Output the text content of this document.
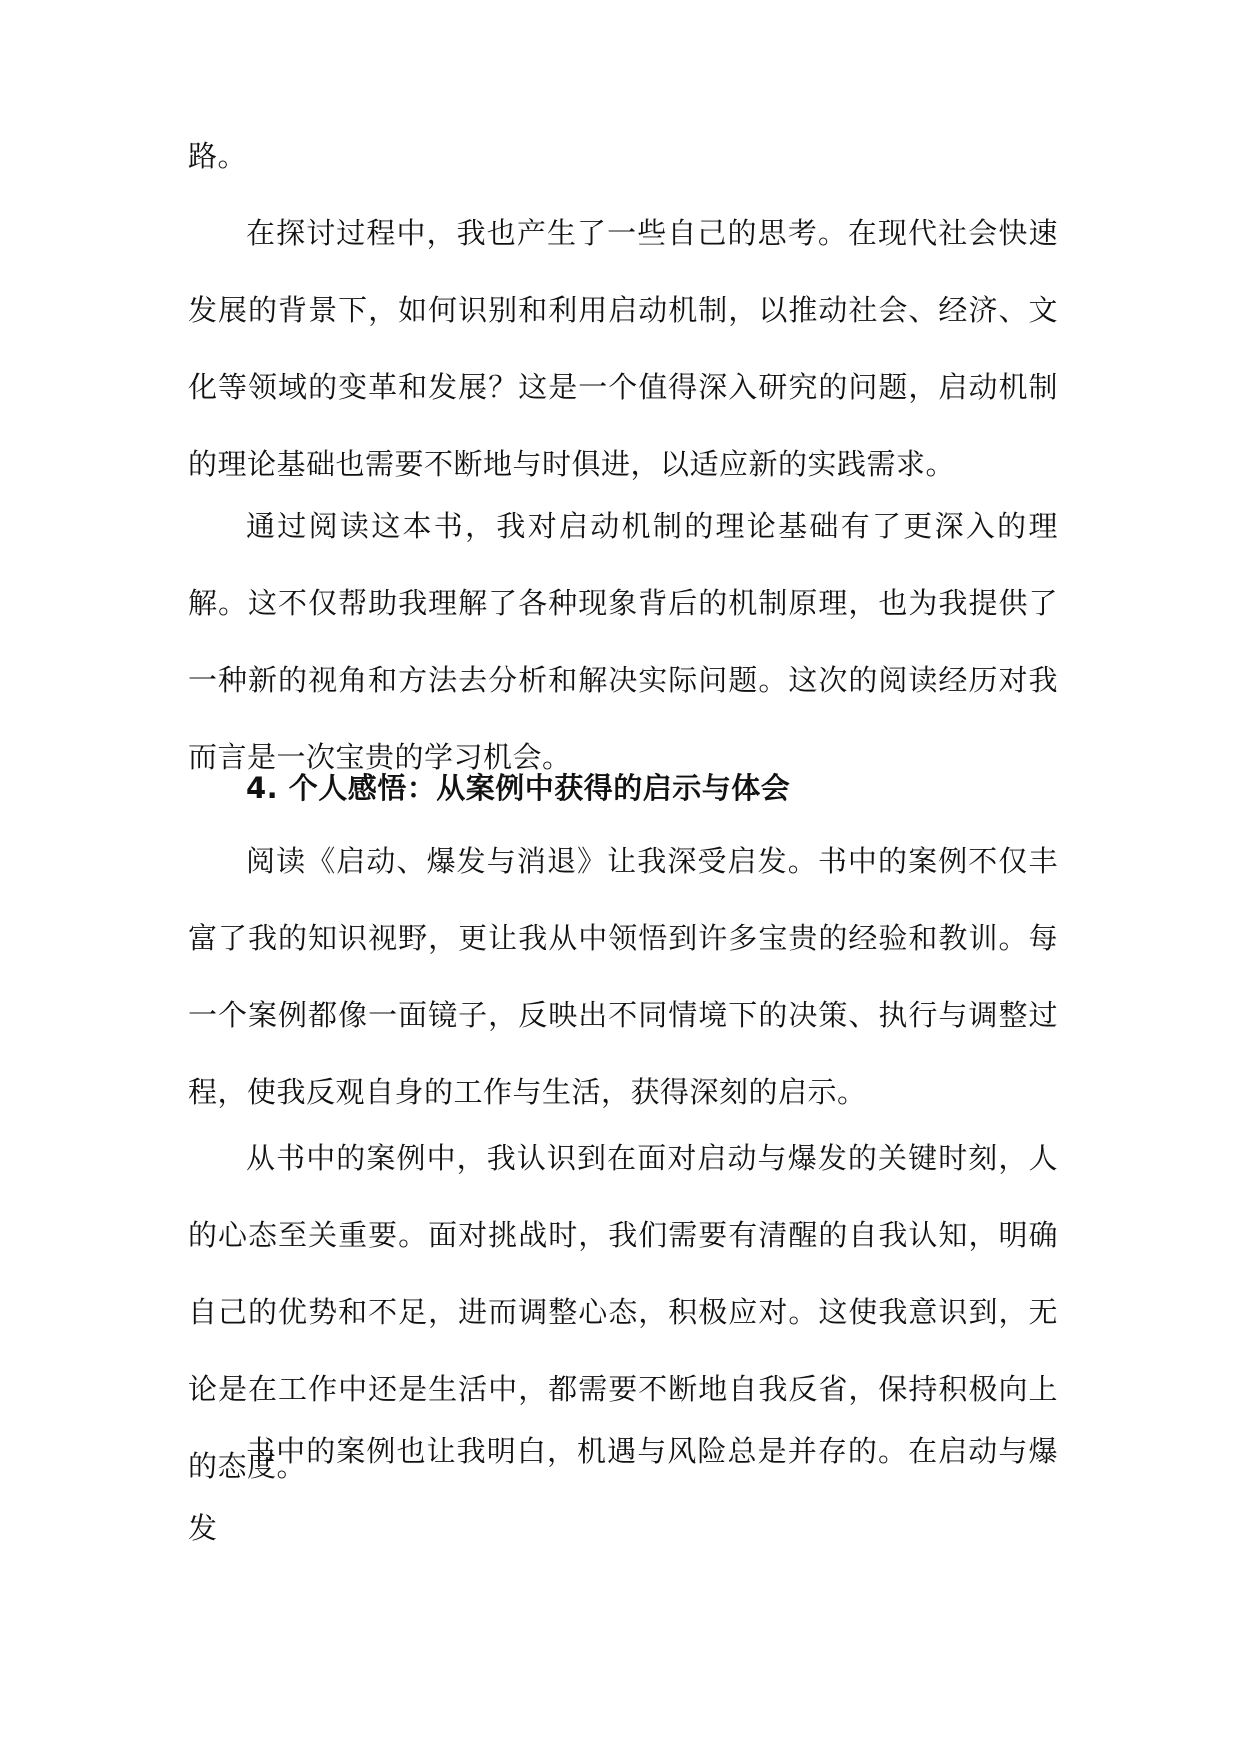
路。

在探讨过程中，我也产生了一些自己的思考。在现代社会快速发展的背景下，如何识别和利用启动机制，以推动社会、经济、文化等领域的变革和发展？这是一个值得深入研究的问题，启动机制的理论基础也需要不断地与时俱进，以适应新的实践需求。

通过阅读这本书，我对启动机制的理论基础有了更深入的理解。这不仅帮助我理解了各种现象背后的机制原理，也为我提供了一种新的视角和方法去分析和解决实际问题。这次的阅读经历对我而言是一次宝贵的学习机会。

4. 个人感悟：从案例中获得的启示与体会

阅读《启动、爆发与消退》让我深受启发。书中的案例不仅丰富了我的知识视野，更让我从中领悟到许多宝贵的经验和教训。每一个案例都像一面镜子，反映出不同情境下的决策、执行与调整过程，使我反观自身的工作与生活，获得深刻的启示。

从书中的案例中，我认识到在面对启动与爆发的关键时刻，人的心态至关重要。面对挑战时，我们需要有清醒的自我认知，明确自己的优势和不足，进而调整心态，积极应对。这使我意识到，无论是在工作中还是生活中，都需要不断地自我反省，保持积极向上的态度。

书中的案例也让我明白，机遇与风险总是并存的。在启动与爆发
